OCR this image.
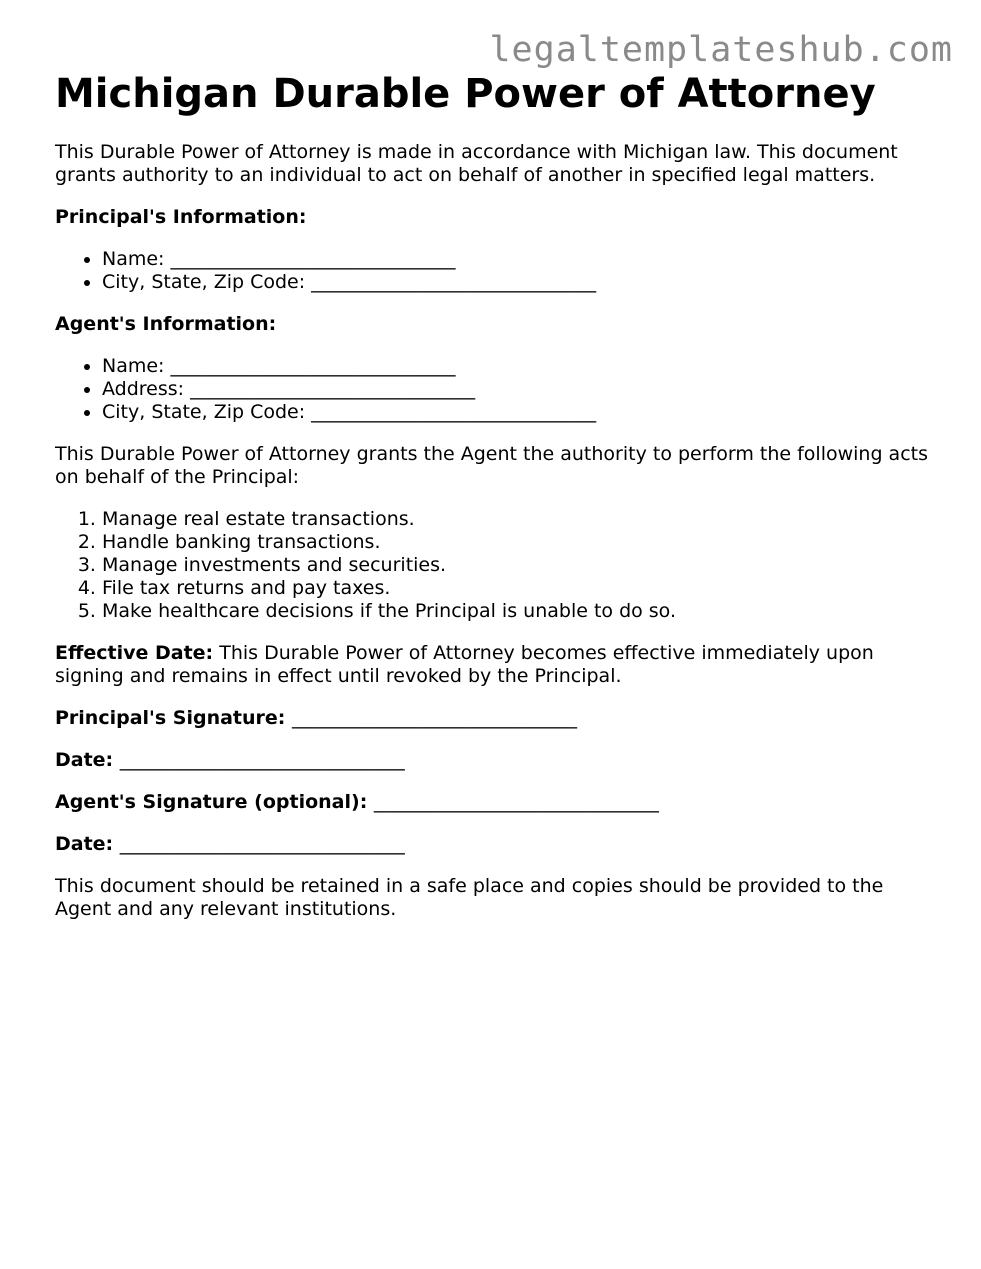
legaltemplateshub.com
Michigan Durable Power of Attorney

This Durable Power of Attorney is made in accordance with Michigan law. This document grants authority to an individual to act on behalf of another in specified legal matters.

Principal's Information:
• Name: ______________________________
• City, State, Zip Code: ______________________________
Agent's Information:
• Name: ______________________________
• Address: ______________________________
• City, State, Zip Code: ______________________________

This Durable Power of Attorney grants the Agent the authority to perform the following acts on behalf of the Principal:

1. Manage real estate transactions.
2. Handle banking transactions.
3. Manage investments and securities.
4. File tax returns and pay taxes.
5. Make healthcare decisions if the Principal is unable to do so.

Effective Date: This Durable Power of Attorney becomes effective immediately upon signing and remains in effect until revoked by the Principal.

Principal's Signature: ______________________________
Date: ______________________________
Agent's Signature (optional): ______________________________
Date: ______________________________

This document should be retained in a safe place and copies should be provided to the Agent and any relevant institutions.
